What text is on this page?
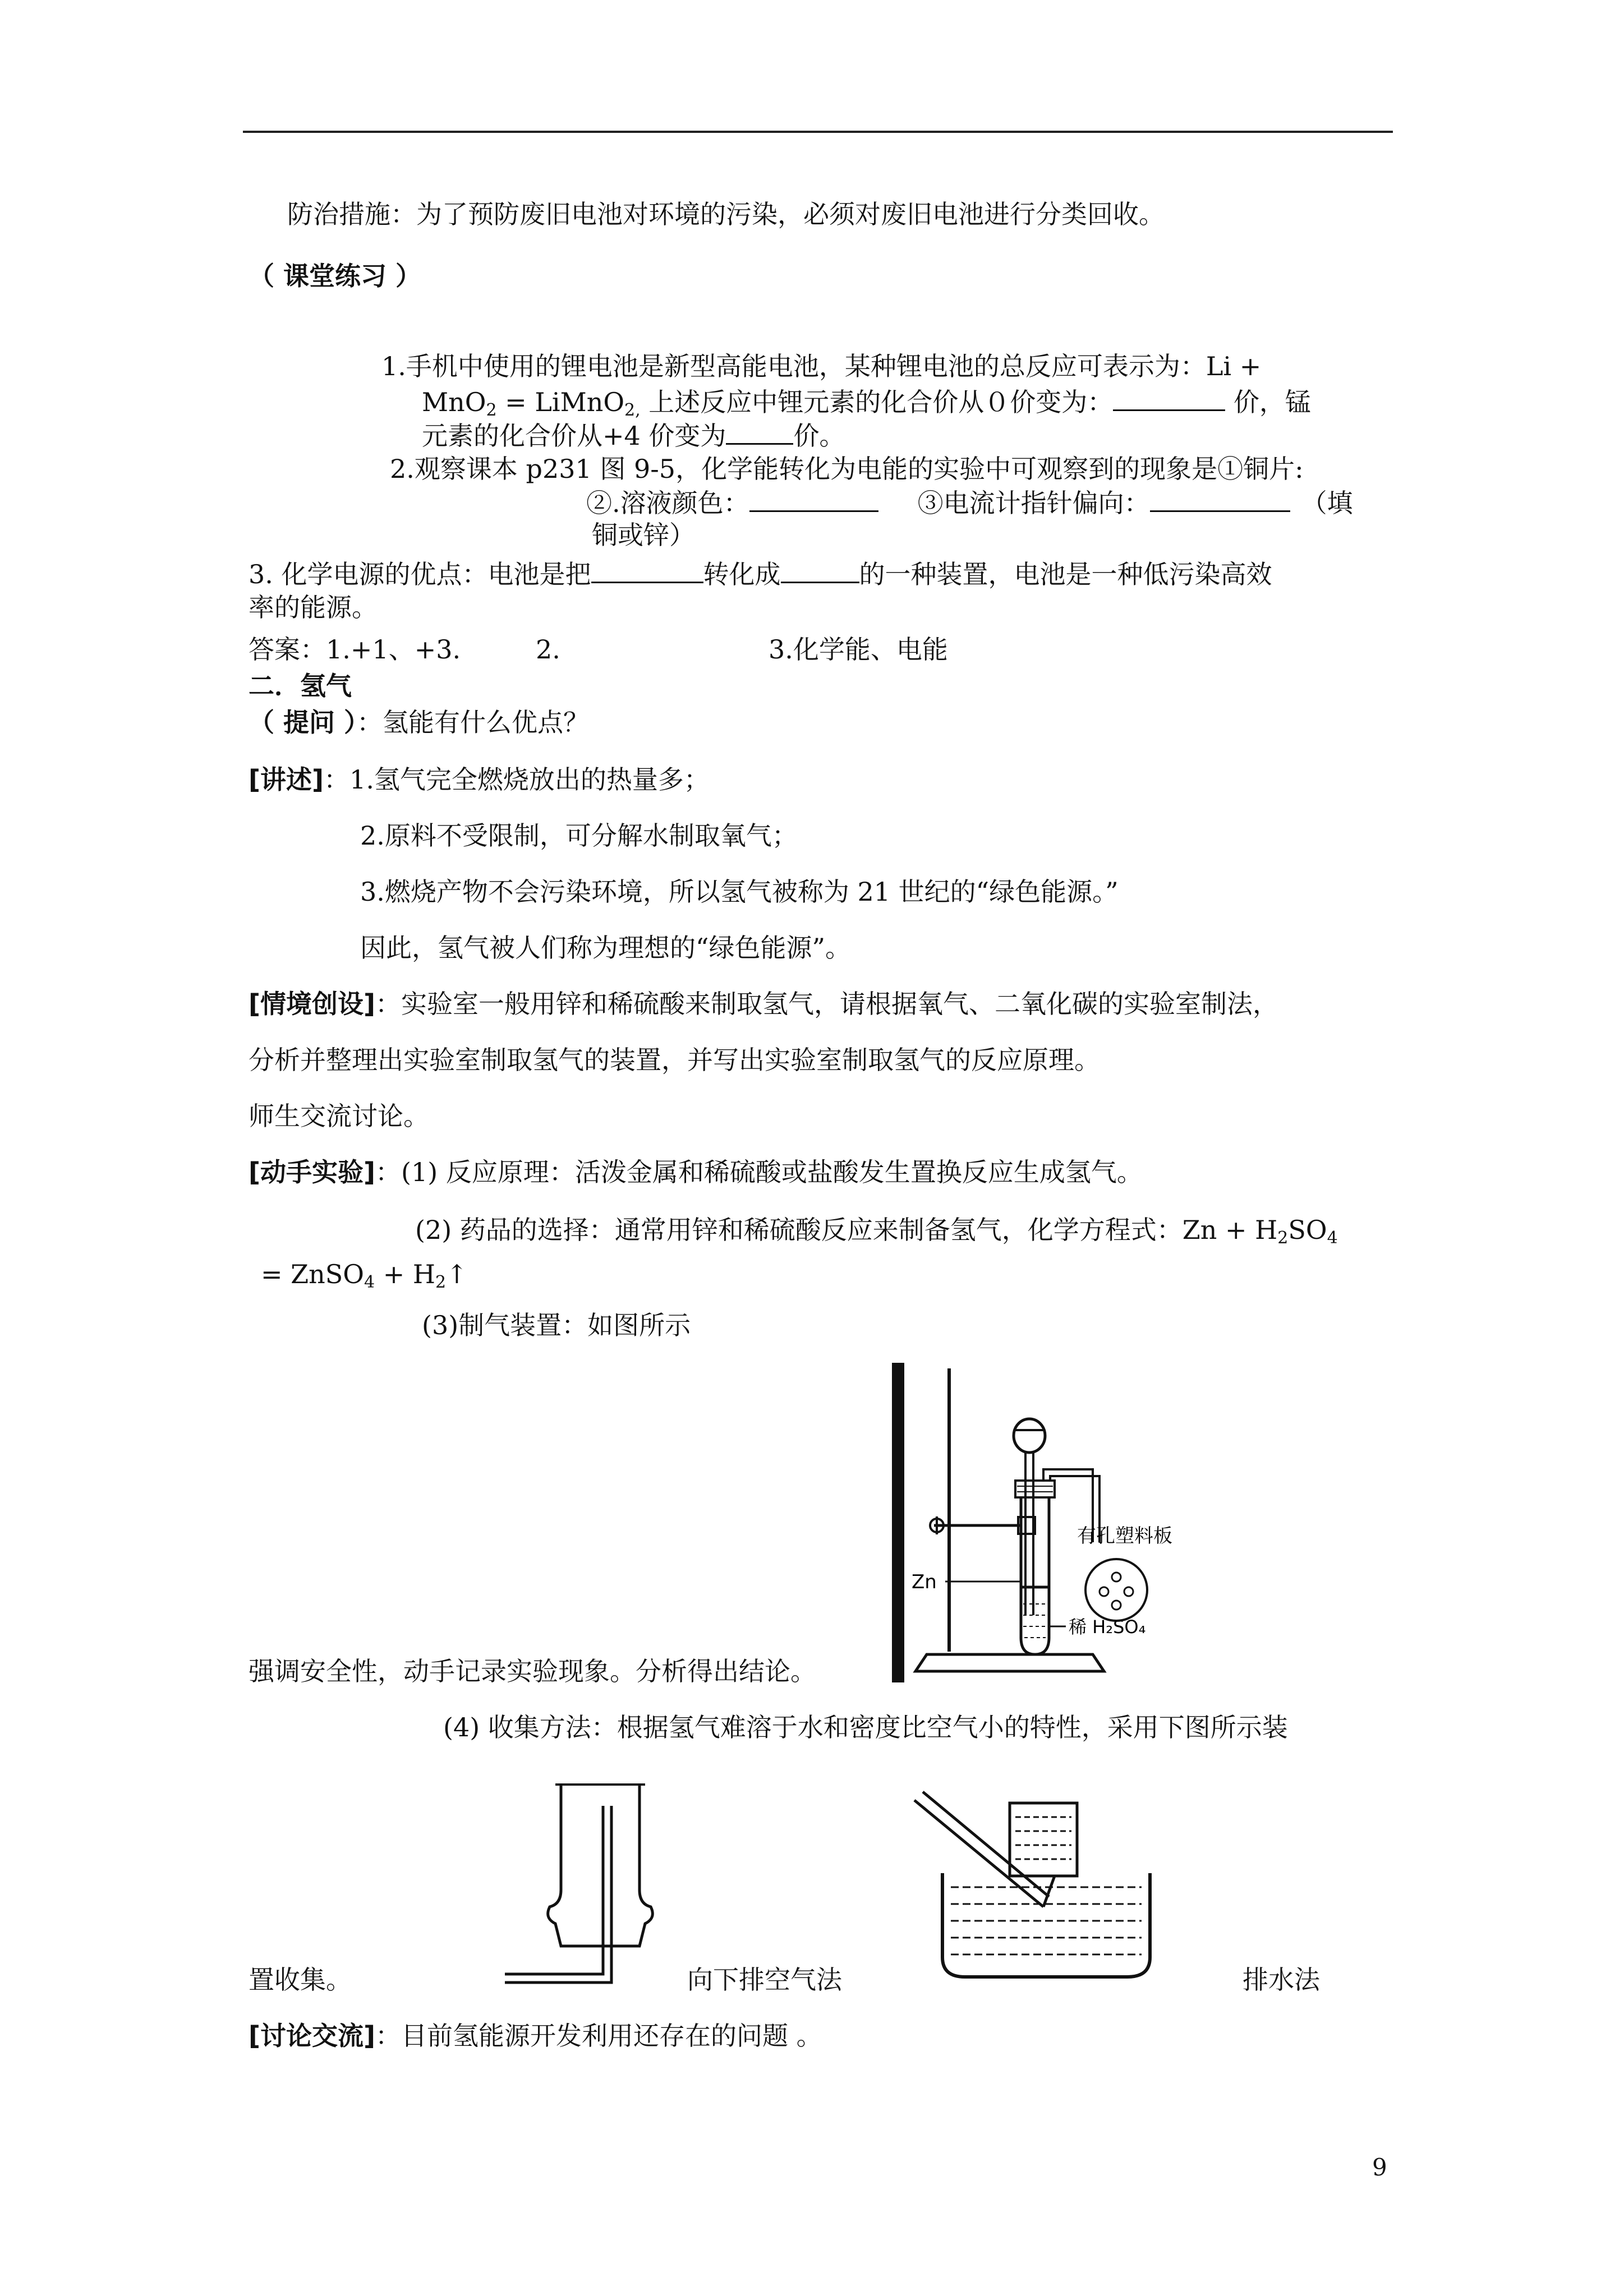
防治措施：为了预防废旧电池对环境的污染，必须对废旧电池进行分类回收。
（ 课堂练习 ）
1.手机中使用的锂电池是新型高能电池，某种锂电池的总反应可表示为：Li +
MnO$_2$ = LiMnO$_{2,}$ 上述反应中锂元素的化合价从０价变为：	价，锰
元素的化合价从+4 价变为	价。
2.观察课本 p231 图 9-5，化学能转化为电能的实验中可观察到的现象是①铜片:
②.溶液颜色：	③电流计指针偏向：	（填
铜或锌）
3. 化学电源的优点：电池是把	转化成	的一种装置，电池是一种低污染高效
率的能源。
答案：1.+1、+3.	2.	3.化学能、电能
二．氢气
（ 提问 ）：氢能有什么优点？
[讲述]：1.氢气完全燃烧放出的热量多；
2.原料不受限制，可分解水制取氧气；
3.燃烧产物不会污染环境，所以氢气被称为 21 世纪的“绿色能源。”
因此，氢气被人们称为理想的“绿色能源”。
[情境创设]：实验室一般用锌和稀硫酸来制取氢气，请根据氧气、二氧化碳的实验室制法，
分析并整理出实验室制取氢气的装置，并写出实验室制取氢气的反应原理。
师生交流讨论。
[动手实验]：(1) 反应原理：活泼金属和稀硫酸或盐酸发生置换反应生成氢气。
(2) 药品的选择：通常用锌和稀硫酸反应来制备氢气，化学方程式：$Zn + H_2SO_4$
= ZnSO$_4$ + $H_2↑$
(3)制气装置：如图所示
有孔塑料板
Zn
稀 H₂SO₄
强调安全性，动手记录实验现象。分析得出结论。
(4) 收集方法：根据氢气难溶于水和密度比空气小的特性，采用下图所示装
置收集。	向下排空气法	排水法
[讨论交流]：目前氢能源开发利用还存在的问题 。
9
